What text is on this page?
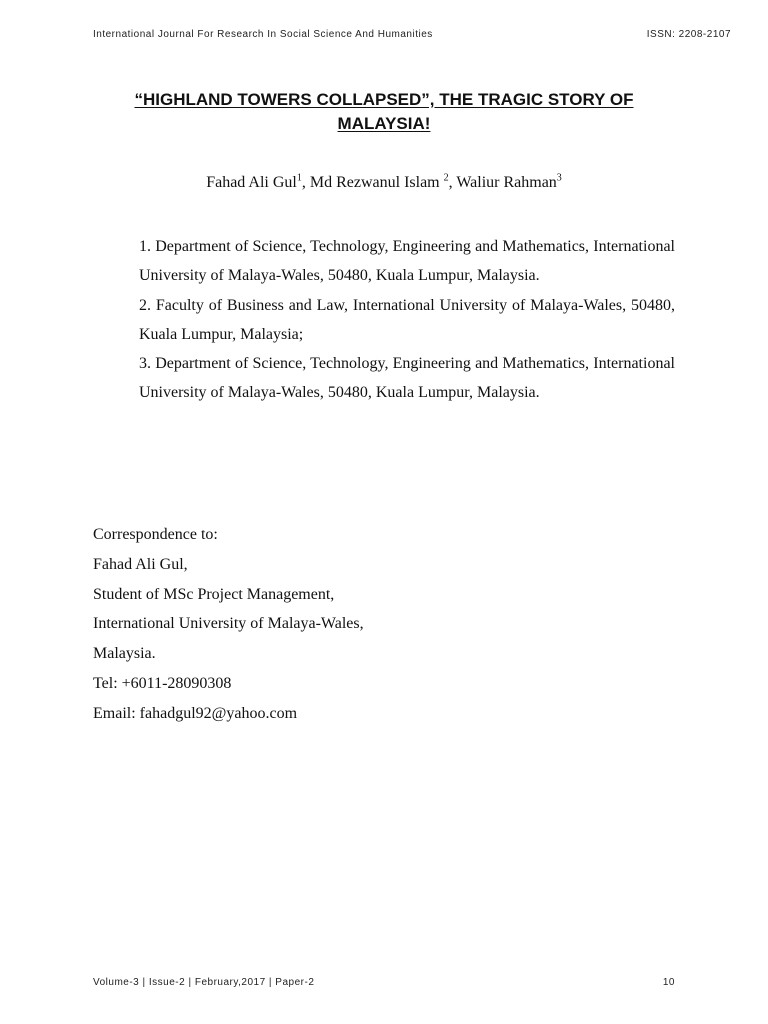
International Journal For Research In Social Science And Humanities	ISSN: 2208-2107
“HIGHLAND TOWERS COLLAPSED”, THE TRAGIC STORY OF
MALAYSIA!
Fahad Ali Gul$^1$, Md Rezwanul Islam $^2$, Waliur Rahman$^3$

1. Department of Science, Technology, Engineering and Mathematics, International University of Malaya-Wales, 50480, Kuala Lumpur, Malaysia.

2. Faculty of Business and Law, International University of Malaya-Wales, 50480, Kuala Lumpur, Malaysia;

3. Department of Science, Technology, Engineering and Mathematics, International University of Malaya-Wales, 50480, Kuala Lumpur, Malaysia.

Correspondence to:
Fahad Ali Gul,
Student of MSc Project Management,
International University of Malaya-Wales,
Malaysia.
Tel: +6011-28090308
Email: fahadgul92@yahoo.com
Volume-3 | Issue-2 | February,2017 | Paper-2	10
